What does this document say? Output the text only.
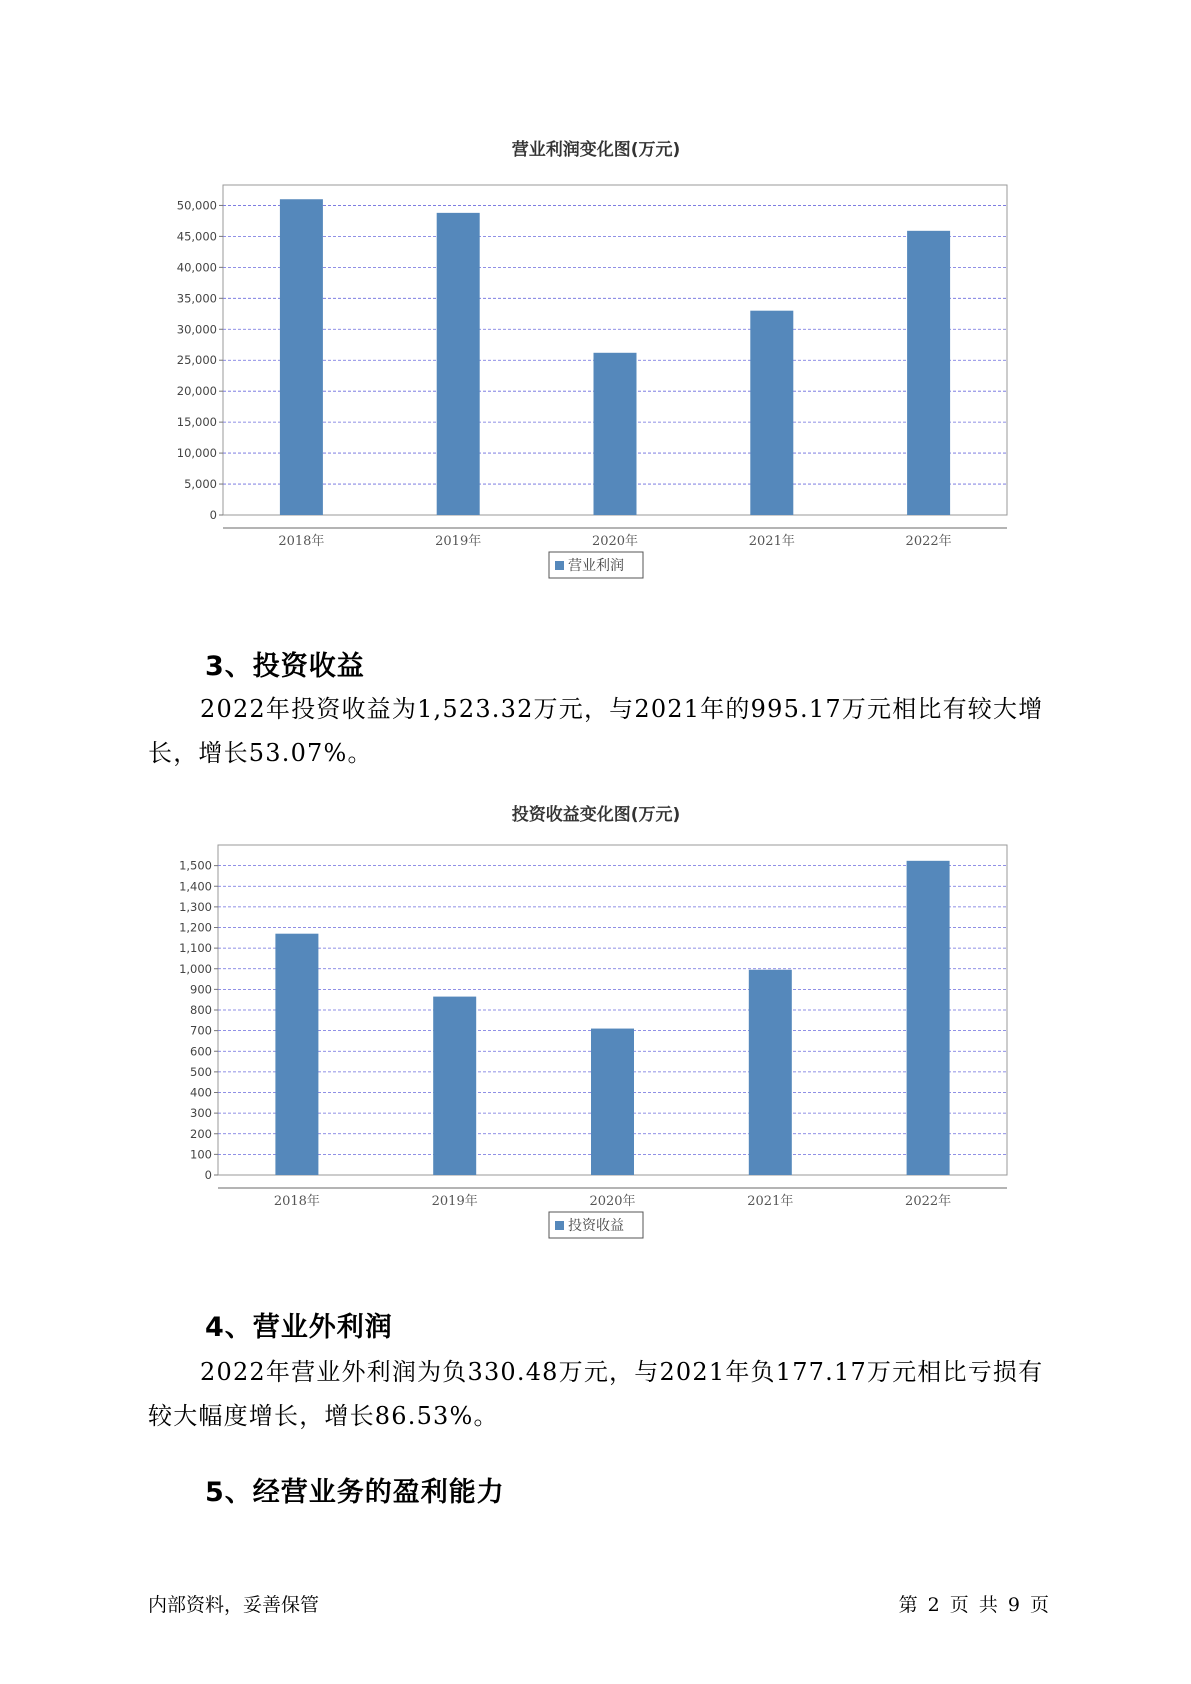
营业利润变化图(万元)
0
5,000
10,000
15,000
20,000
25,000
30,000
35,000
40,000
45,000
50,000
2018年	2019年	2020年	2021年	2022年
营业利润
3、投资收益

2022年投资收益为1,523.32万元，与2021年的995.17万元相比有较大增长，增长53.07%。

投资收益变化图(万元)
0
100
200
300
400
500
600
700
800
900
1,000
1,100
1,200
1,300
1,400
1,500
2018年	2019年	2020年	2021年	2022年
投资收益
4、营业外利润

2022年营业外利润为负330.48万元，与2021年负177.17万元相比亏损有较大幅度增长，增长86.53%。

5、经营业务的盈利能力
内部资料，妥善保管	第 2 页 共 9 页
